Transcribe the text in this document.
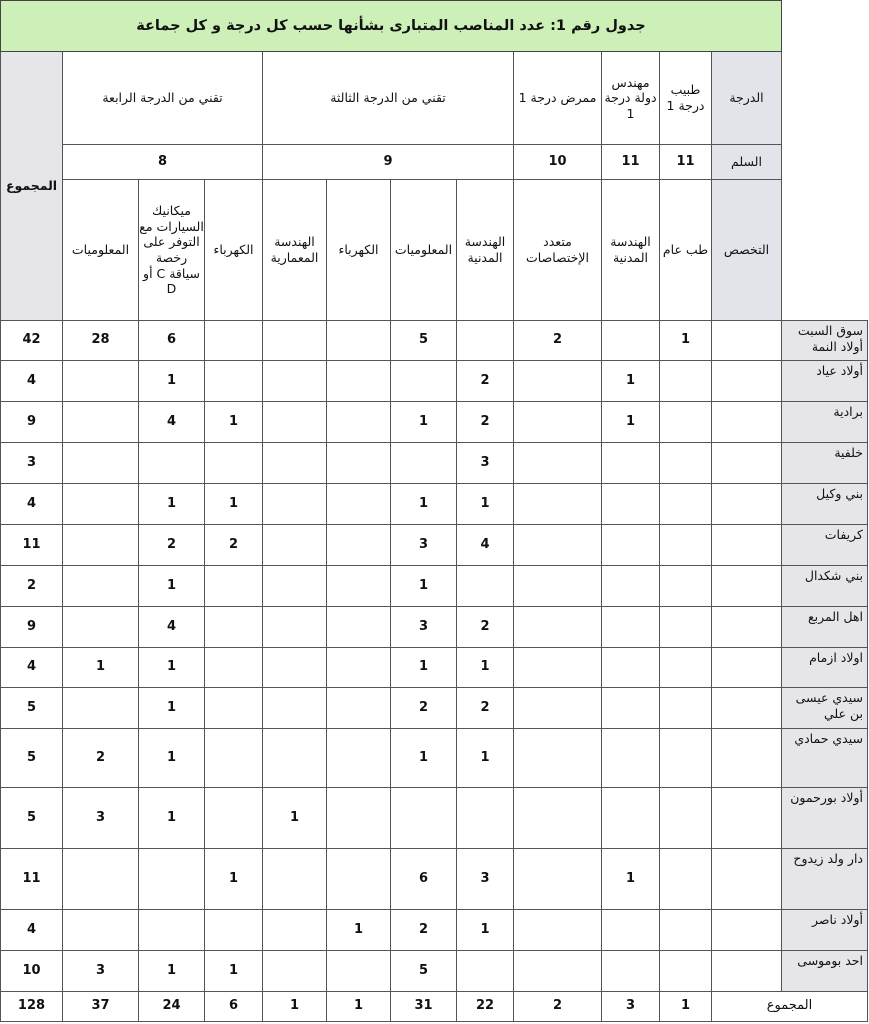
جدول رقم 1: عدد المناصب المتبارى بشأنها حسب كل درجة و كل جماعة												
المجموع	تقني من الدرجة الرابعة			تقني من الدرجة الثالثة				ممرض درجة 1	مهندس دولة درجة 1	طبيب درجة 1	الدرجة	
	8			9				10	11	11	السلم	
	المعلوميات	ميكانيك السيارات مع التوفر على رخصة سياقة C أو D	الكهرباء	الهندسة المعمارية	الكهرباء	المعلوميات	الهندسة المدنية	متعدد الإختصاصات	الهندسة المدنية	طب عام	التخصص	
42	28	6				5		2		1		سوق السبت أولاد النمة
4		1					2		1			أولاد عياد
9		4	1			1	2		1			برادية
3							3					خلفية
4		1	1			1	1					بني وكيل
11		2	2			3	4					كريفات
2		1				1						بني شكدال
9		4				3	2					اهل المربع
4	1	1				1	1					اولاد ازمام
5		1				2	2					سيدي عيسى بن علي
5	2	1				1	1					سيدي حمادي
5	3	1		1								أولاد بورحمون
11			1			6	3		1			دار ولد زيدوح
4					1	2	1					أولاد ناصر
10	3	1	1			5						احد بوموسى
128	37	24	6	1	1	31	22	2	3	1	المجموع	
